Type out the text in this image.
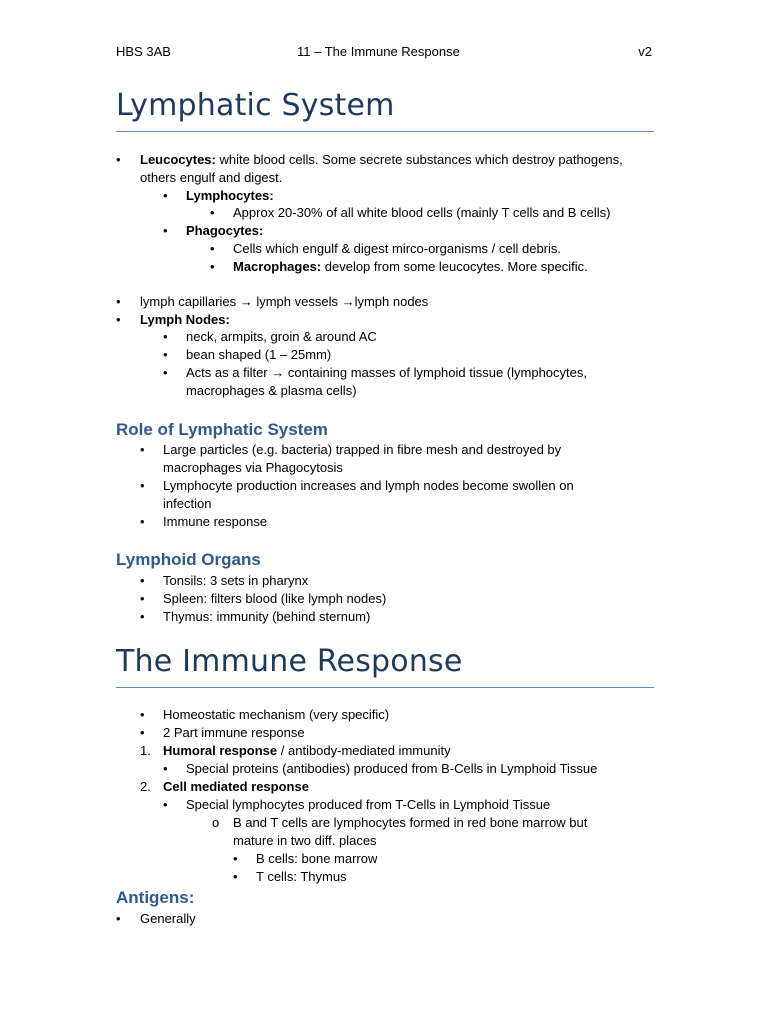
HBS 3AB	11 – The Immune Response	v2
Lymphatic System
• Leucocytes: white blood cells. Some secrete substances which destroy pathogens,
others engulf and digest.
• Lymphocytes:
• Approx 20-30% of all white blood cells (mainly T cells and B cells)
• Phagocytes:
• Cells which engulf & digest mirco-organisms / cell debris.
• Macrophages: develop from some leucocytes. More specific.
• lymph capillaries → lymph vessels →lymph nodes
• Lymph Nodes:
• neck, armpits, groin & around AC
• bean shaped (1 – 25mm)
• Acts as a filter → containing masses of lymphoid tissue (lymphocytes,
macrophages & plasma cells)
Role of Lymphatic System
• Large particles (e.g. bacteria) trapped in fibre mesh and destroyed by
macrophages via Phagocytosis
• Lymphocyte production increases and lymph nodes become swollen on
infection
• Immune response
Lymphoid Organs
• Tonsils: 3 sets in pharynx
• Spleen: filters blood (like lymph nodes)
• Thymus: immunity (behind sternum)
The Immune Response
• Homeostatic mechanism (very specific)
• 2 Part immune response
1. Humoral response / antibody-mediated immunity
• Special proteins (antibodies) produced from B-Cells in Lymphoid Tissue
2. Cell mediated response
• Special lymphocytes produced from T-Cells in Lymphoid Tissue
o B and T cells are lymphocytes formed in red bone marrow but
mature in two diff. places
• B cells: bone marrow
• T cells: Thymus
Antigens:
• Generally
